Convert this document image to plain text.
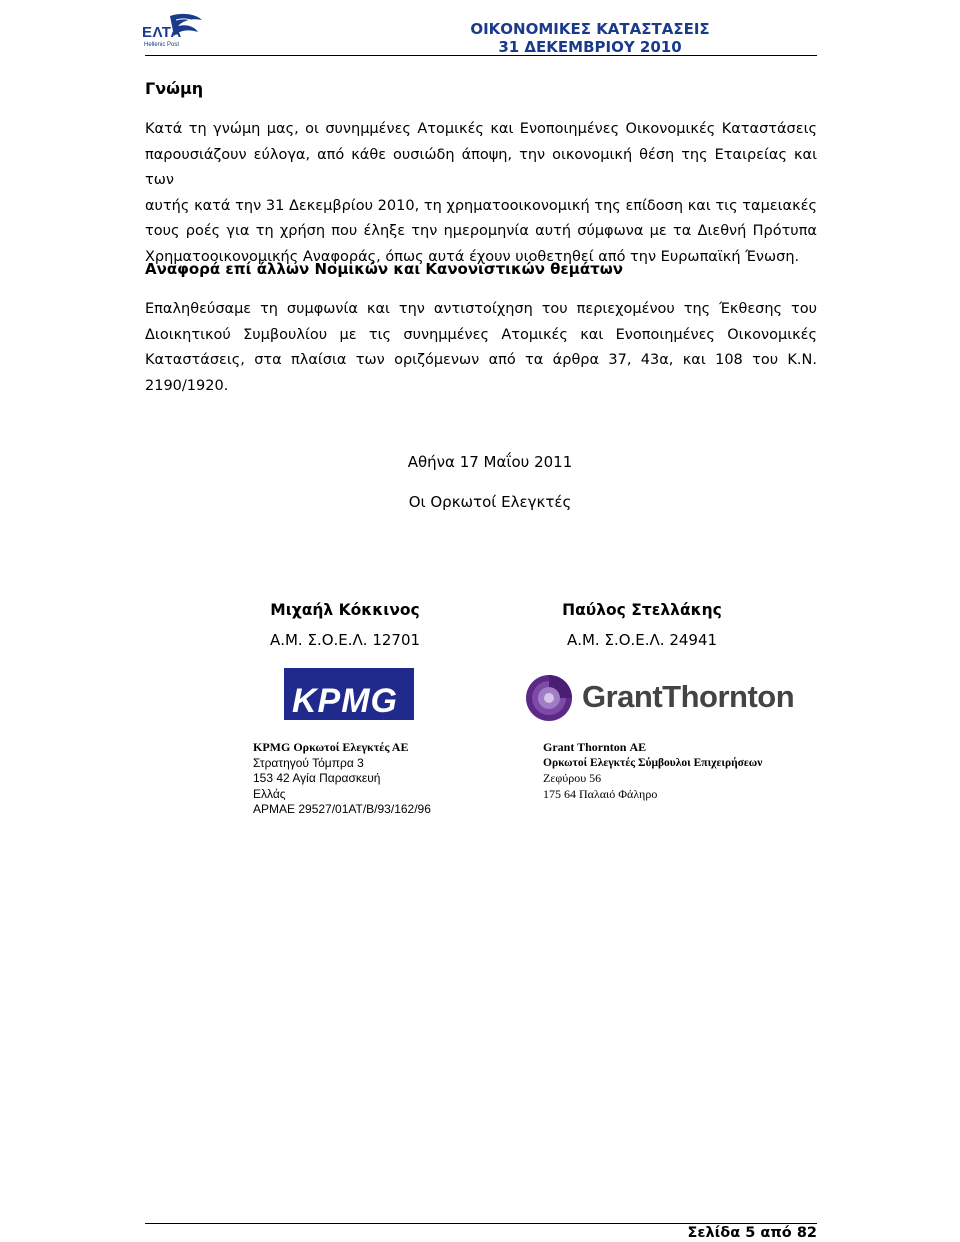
ΕΛΤΑ
Hellenic Post
ΟΙΚΟΝΟΜΙΚΕΣ ΚΑΤΑΣΤΑΣΕΙΣ
31 ΔΕΚΕΜΒΡΙΟΥ 2010
Γνώμη
Κατά τη γνώμη μας, οι συνημμένες Ατομικές και Ενοποιημένες Οικονομικές Καταστάσεις
παρουσιάζουν εύλογα, από κάθε ουσιώδη άποψη, την οικονομική θέση της Εταιρείας και των
αυτής κατά την 31 Δεκεμβρίου 2010, τη χρηματοοικονομική της επίδοση και τις ταμειακές
τους ροές για τη χρήση που έληξε την ημερομηνία αυτή σύμφωνα με τα Διεθνή Πρότυπα
Χρηματοοικονομικής Αναφοράς, όπως αυτά έχουν υιοθετηθεί από την Ευρωπαϊκή Ένωση.
Αναφορά επί άλλων Νομικών και Κανονιστικών θεμάτων
Επαληθεύσαμε τη συμφωνία και την αντιστοίχηση του περιεχομένου της Έκθεσης του
Διοικητικού Συμβουλίου με τις συνημμένες Ατομικές και Ενοποιημένες Οικονομικές
Καταστάσεις, στα πλαίσια των οριζόμενων από τα άρθρα 37, 43α, και 108 του Κ.Ν.
2190/1920.
Αθήνα 17 Μαΐου 2011
Οι Ορκωτοί Ελεγκτές
Μιχαήλ Κόκκινος
Α.Μ. Σ.Ο.Ε.Λ. 12701
Παύλος Στελλάκης
Α.Μ. Σ.Ο.Ε.Λ. 24941
KPMG	GrantThornton
KPMG Ορκωτοί Ελεγκτές ΑΕ
Στρατηγού Τόμπρα 3
153 42 Αγία Παρασκευή
Ελλάς
ΑΡΜΑΕ 29527/01ΑΤ/Β/93/162/96
Grant Thornton ΑΕ
Ορκωτοί Ελεγκτές Σύμβουλοι Επιχειρήσεων
Ζεφύρου 56
175 64 Παλαιό Φάληρο
Σελίδα 5 από 82
